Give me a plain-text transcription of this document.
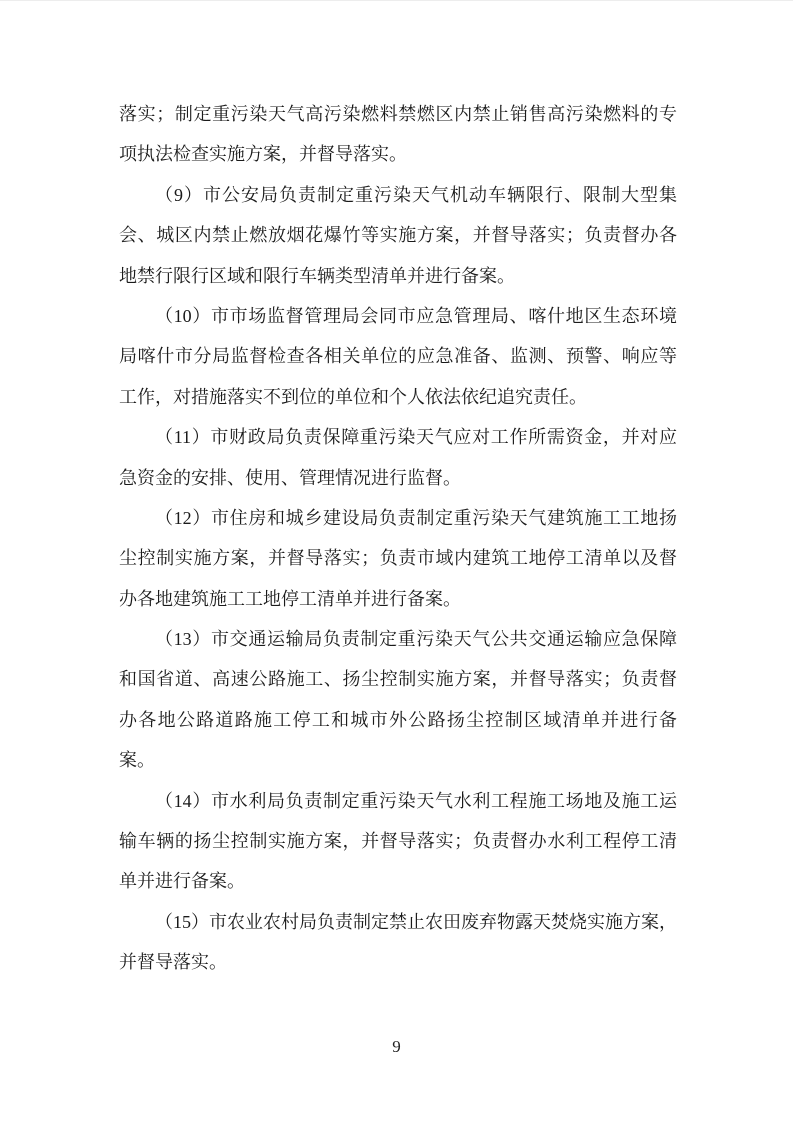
落实；制定重污染天气高污染燃料禁燃区内禁止销售高污染燃料的专
项执法检查实施方案，并督导落实。
（9）市公安局负责制定重污染天气机动车辆限行、限制大型集
会、城区内禁止燃放烟花爆竹等实施方案，并督导落实；负责督办各
地禁行限行区域和限行车辆类型清单并进行备案。
（10）市市场监督管理局会同市应急管理局、喀什地区生态环境
局喀什市分局监督检查各相关单位的应急准备、监测、预警、响应等
工作，对措施落实不到位的单位和个人依法依纪追究责任。
（11）市财政局负责保障重污染天气应对工作所需资金，并对应
急资金的安排、使用、管理情况进行监督。
（12）市住房和城乡建设局负责制定重污染天气建筑施工工地扬
尘控制实施方案，并督导落实；负责市域内建筑工地停工清单以及督
办各地建筑施工工地停工清单并进行备案。
（13）市交通运输局负责制定重污染天气公共交通运输应急保障
和国省道、高速公路施工、扬尘控制实施方案，并督导落实；负责督
办各地公路道路施工停工和城市外公路扬尘控制区域清单并进行备
案。
（14）市水利局负责制定重污染天气水利工程施工场地及施工运
输车辆的扬尘控制实施方案，并督导落实；负责督办水利工程停工清
单并进行备案。
（15）市农业农村局负责制定禁止农田废弃物露天焚烧实施方案，
并督导落实。
9
